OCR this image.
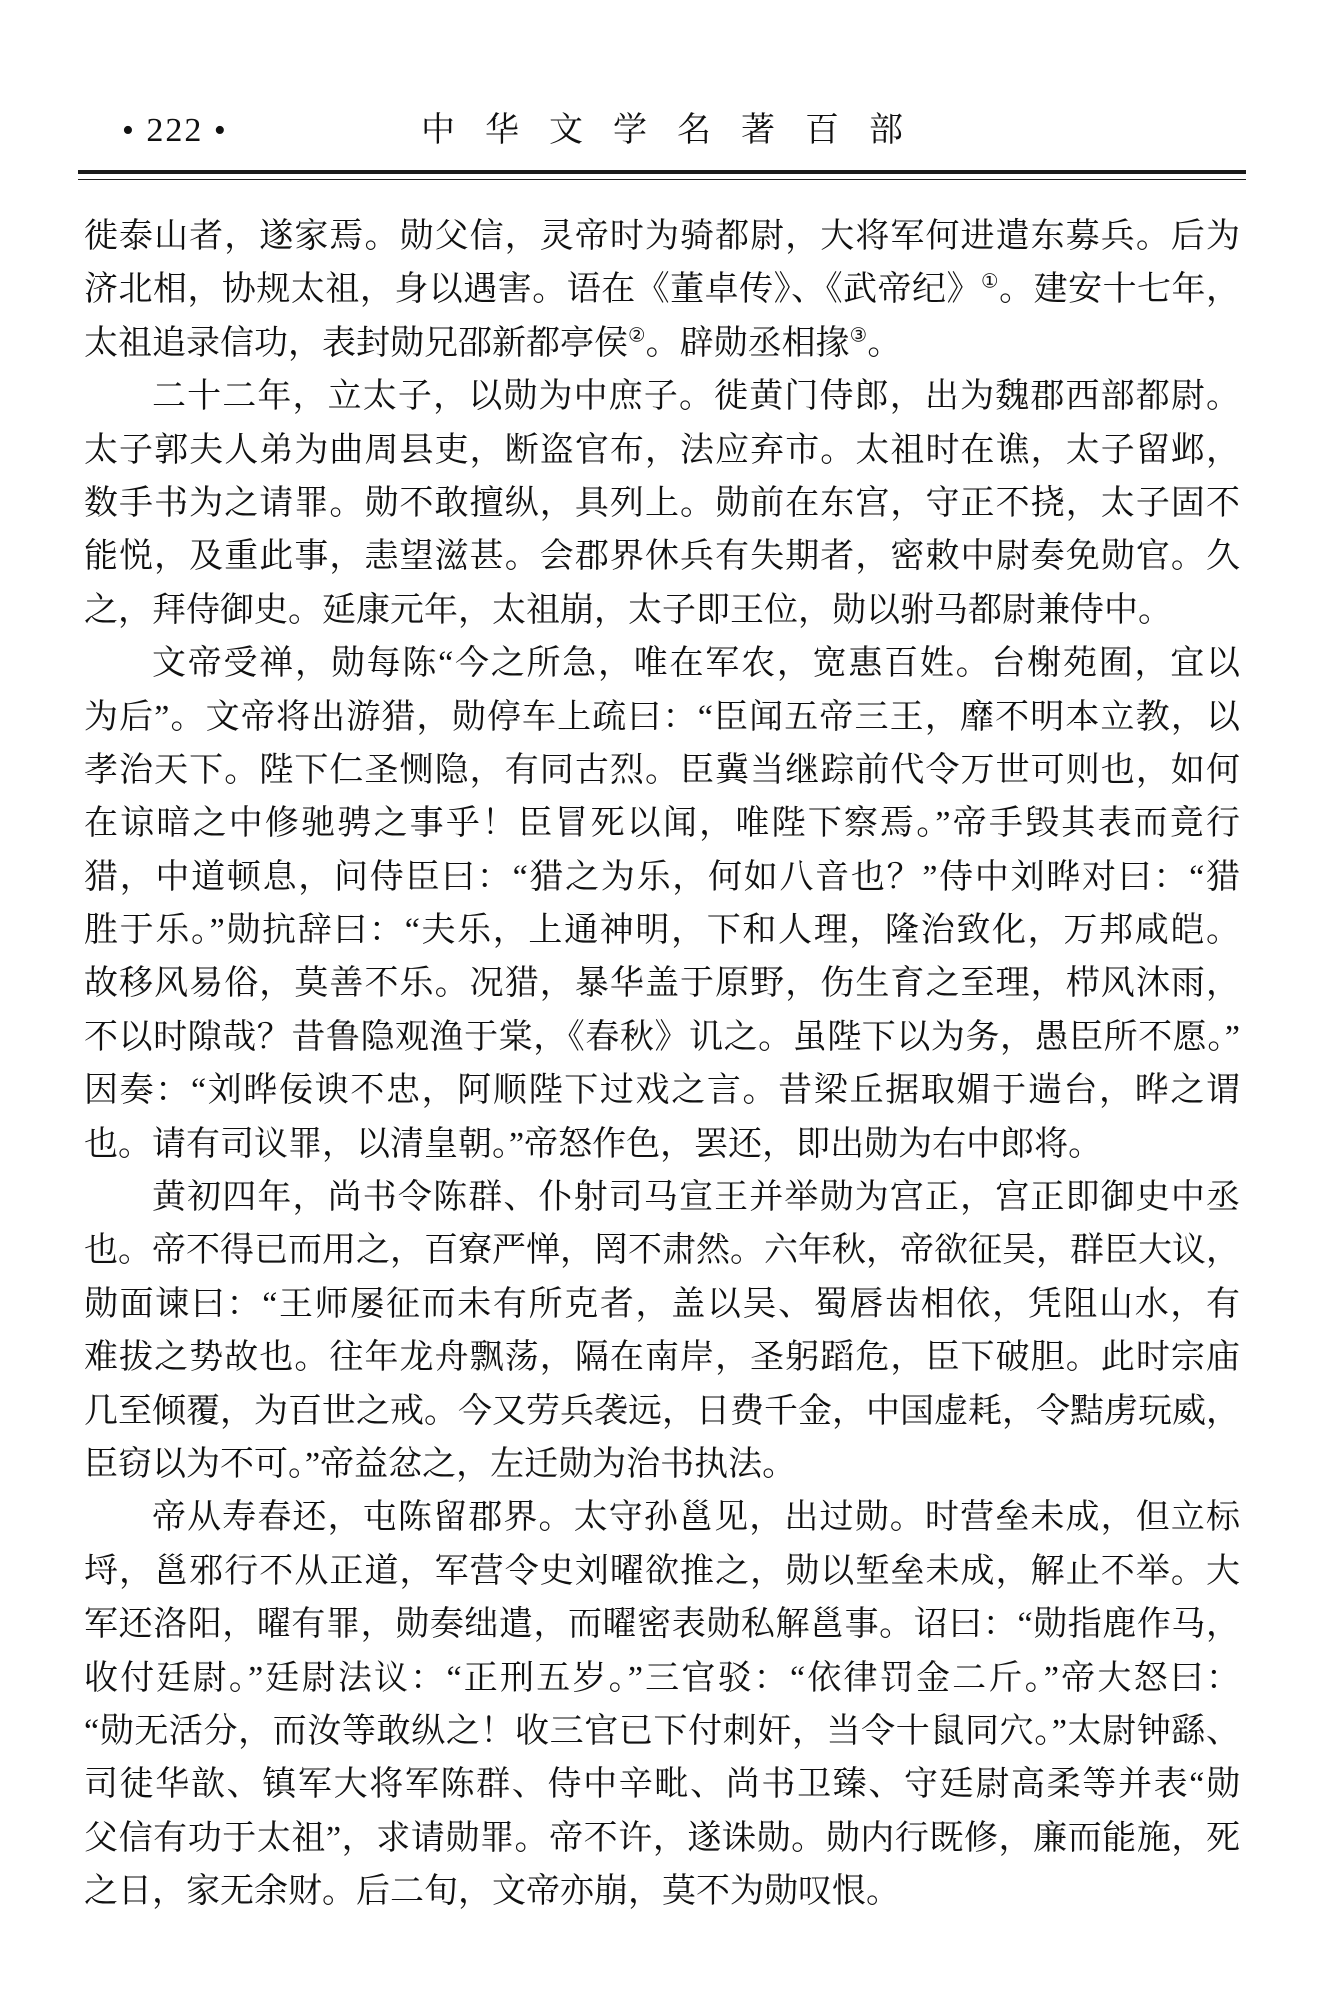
• 222 •	中华文学名著百部
徙泰山者，遂家焉。勋父信，灵帝时为骑都尉，大将军何进遣东募兵。后为
济北相，协规太祖，身以遇害。语在《董卓传》、《武帝纪》①。建安十七年，
太祖追录信功，表封勋兄邵新都亭侯②。辟勋丞相掾③。
二十二年，立太子，以勋为中庶子。徙黄门侍郎，出为魏郡西部都尉。
太子郭夫人弟为曲周县吏，断盗官布，法应弃市。太祖时在谯，太子留邺，
数手书为之请罪。勋不敢擅纵，具列上。勋前在东宫，守正不挠，太子固不
能悦，及重此事，恚望滋甚。会郡界休兵有失期者，密敕中尉奏免勋官。久
之，拜侍御史。延康元年，太祖崩，太子即王位，勋以驸马都尉兼侍中。
文帝受禅，勋每陈“今之所急，唯在军农，宽惠百姓。台榭苑囿，宜以
为后”。文帝将出游猎，勋停车上疏曰：“臣闻五帝三王，靡不明本立教，以
孝治天下。陛下仁圣恻隐，有同古烈。臣冀当继踪前代令万世可则也，如何
在谅暗之中修驰骋之事乎！臣冒死以闻，唯陛下察焉。”帝手毁其表而竟行
猎，中道顿息，问侍臣曰：“猎之为乐，何如八音也？”侍中刘晔对曰：“猎
胜于乐。”勋抗辞曰：“夫乐，上通神明，下和人理，隆治致化，万邦咸皑。
故移风易俗，莫善不乐。况猎，暴华盖于原野，伤生育之至理，栉风沐雨，
不以时隙哉？昔鲁隐观渔于棠，《春秋》讥之。虽陛下以为务，愚臣所不愿。”
因奏：“刘晔佞谀不忠，阿顺陛下过戏之言。昔梁丘据取媚于遄台，晔之谓
也。请有司议罪，以清皇朝。”帝怒作色，罢还，即出勋为右中郎将。
黄初四年，尚书令陈群、仆射司马宣王并举勋为宫正，宫正即御史中丞
也。帝不得已而用之，百寮严惮，罔不肃然。六年秋，帝欲征吴，群臣大议，
勋面谏曰：“王师屡征而未有所克者，盖以吴、蜀唇齿相依，凭阻山水，有
难拔之势故也。往年龙舟飘荡，隔在南岸，圣躬蹈危，臣下破胆。此时宗庙
几至倾覆，为百世之戒。今又劳兵袭远，日费千金，中国虚耗，令黠虏玩威，
臣窃以为不可。”帝益忿之，左迁勋为治书执法。
帝从寿春还，屯陈留郡界。太守孙邕见，出过勋。时营垒未成，但立标
埒，邕邪行不从正道，军营令史刘曜欲推之，勋以堑垒未成，解止不举。大
军还洛阳，曜有罪，勋奏绌遣，而曜密表勋私解邕事。诏曰：“勋指鹿作马，
收付廷尉。”廷尉法议：“正刑五岁。”三官驳：“依律罚金二斤。”帝大怒曰：
“勋无活分，而汝等敢纵之！收三官已下付刺奸，当令十鼠同穴。”太尉钟繇、
司徒华歆、镇军大将军陈群、侍中辛毗、尚书卫臻、守廷尉高柔等并表“勋
父信有功于太祖”，求请勋罪。帝不许，遂诛勋。勋内行既修，廉而能施，死
之日，家无余财。后二旬，文帝亦崩，莫不为勋叹恨。
